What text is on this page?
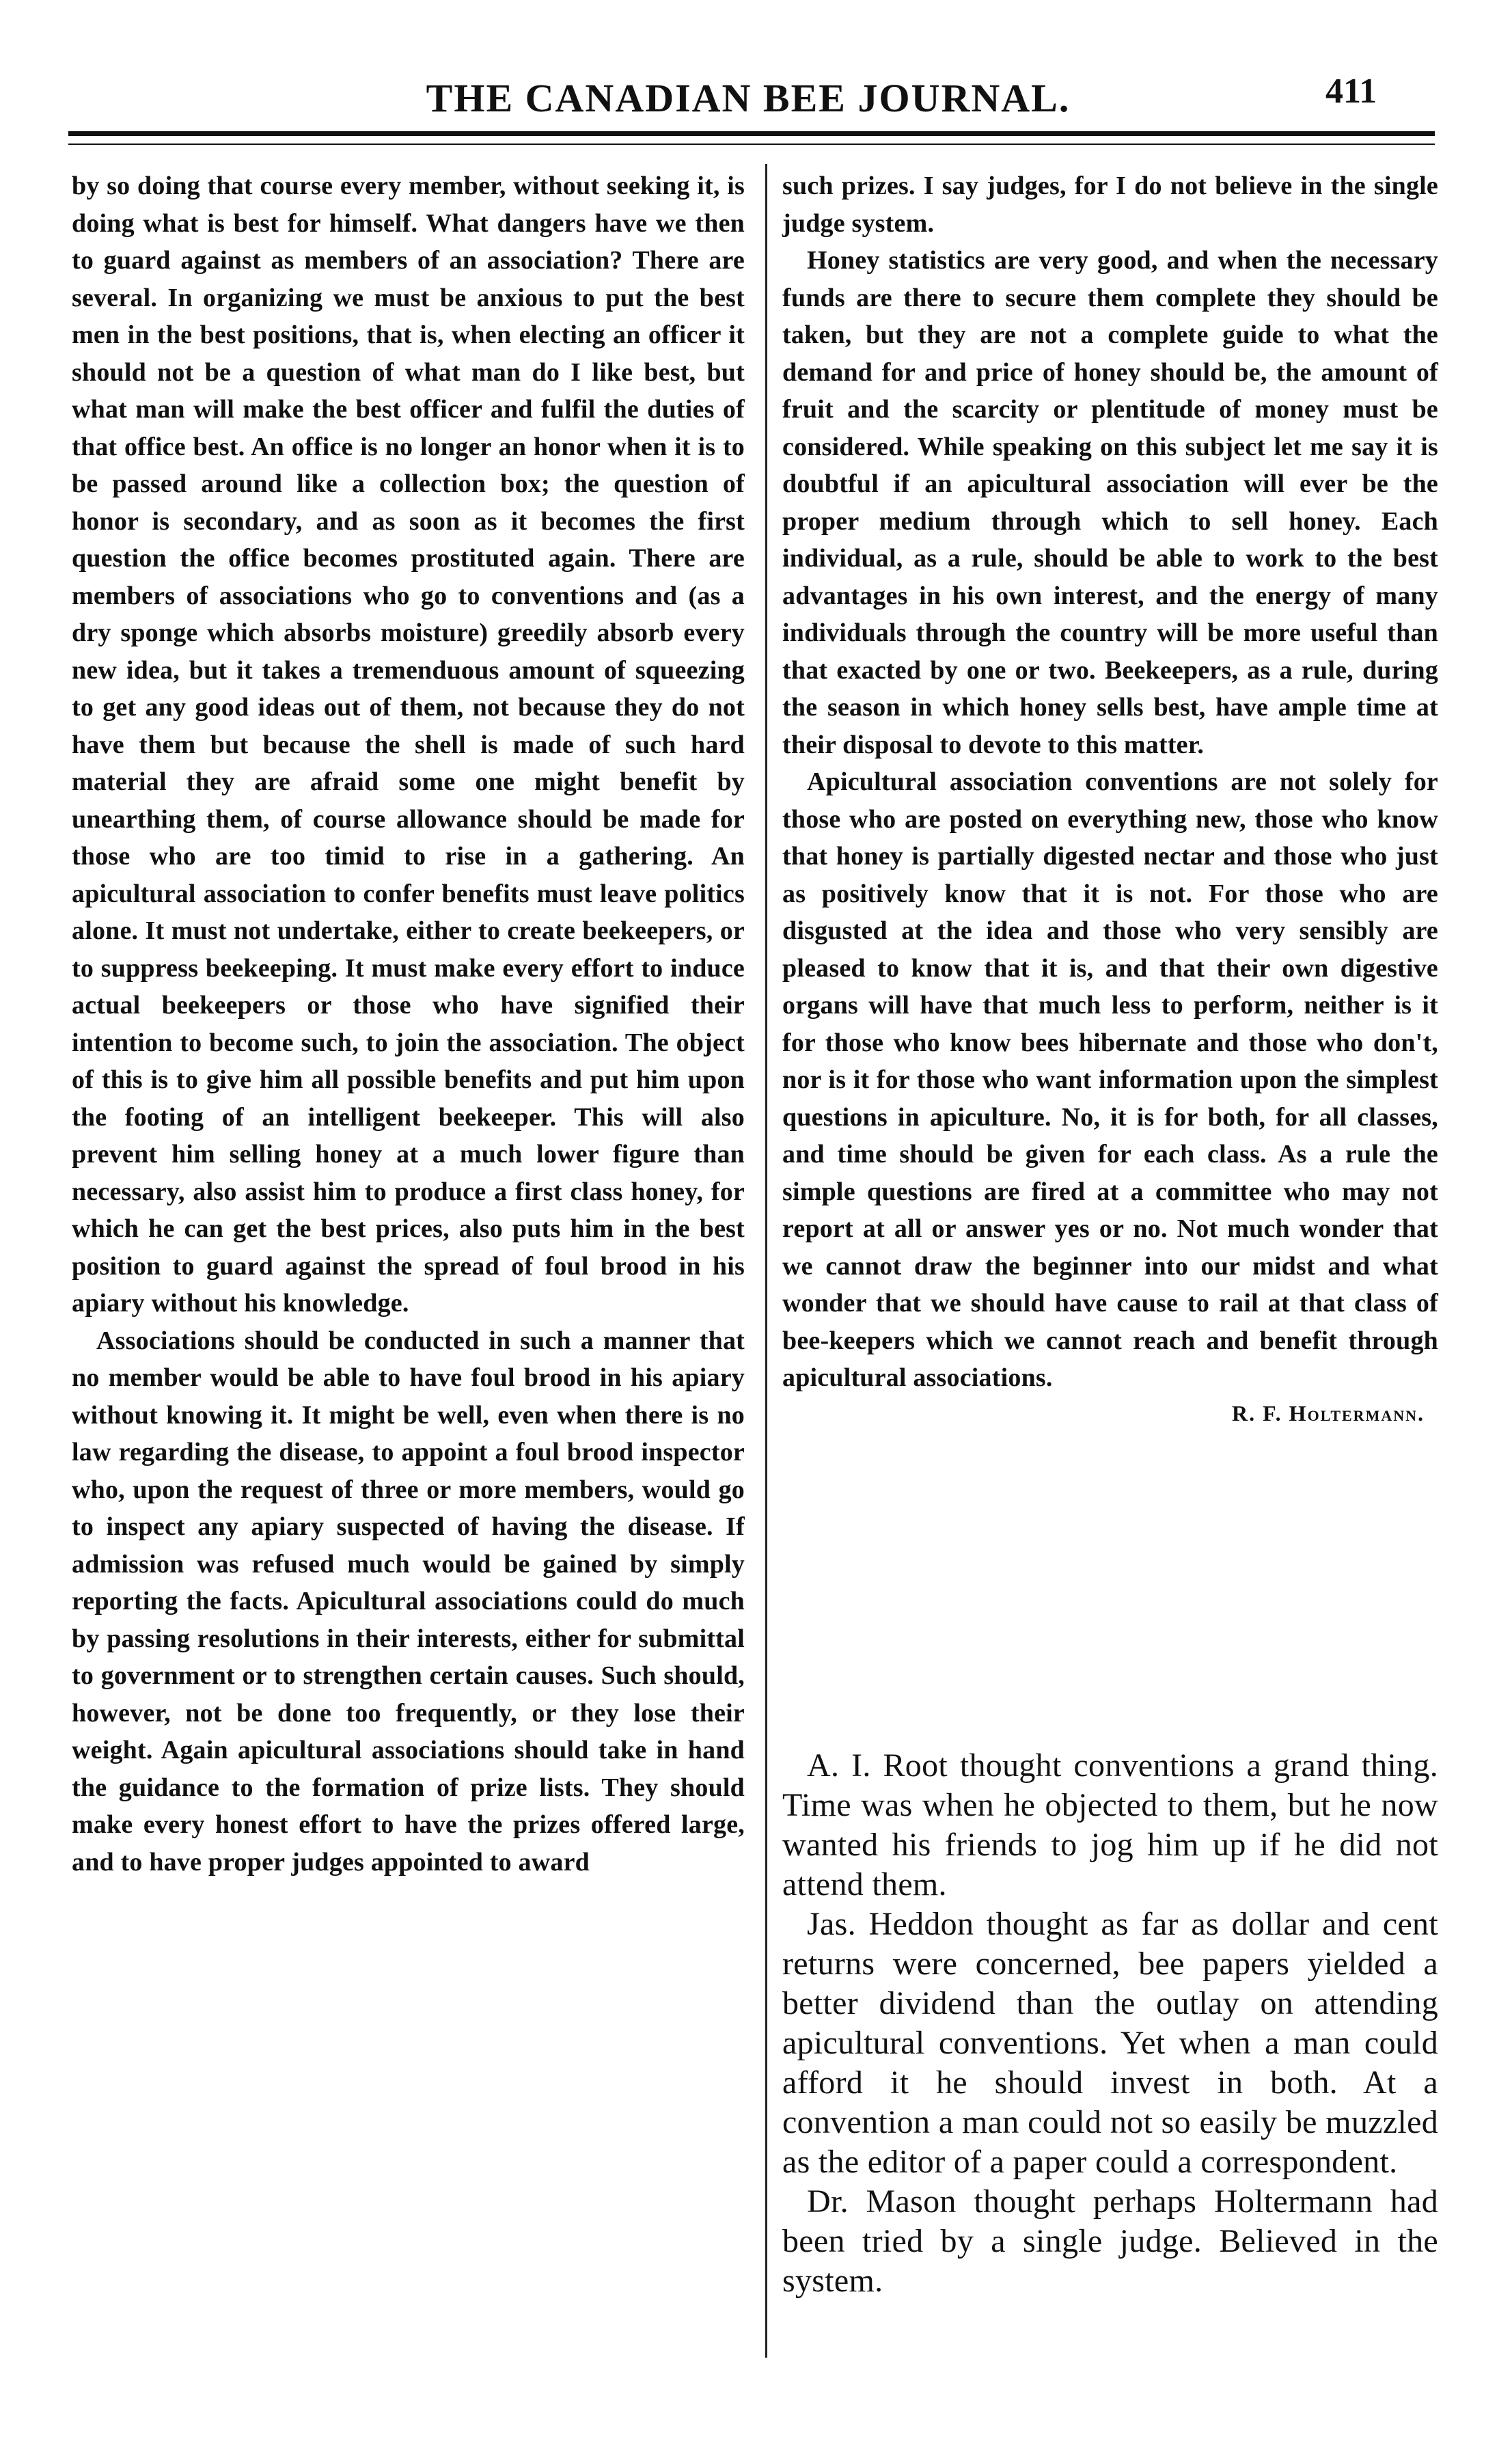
THE CANADIAN BEE JOURNAL.	411

by so doing that course every member, without seeking it, is doing what is best for himself. What dangers have we then to guard against as members of an association? There are several. In organizing we must be anxious to put the best men in the best positions, that is, when electing an officer it should not be a question of what man do I like best, but what man will make the best officer and fulfil the duties of that office best. An office is no longer an honor when it is to be passed around like a collection box; the question of honor is secondary, and as soon as it becomes the first question the office becomes prostituted again. There are members of associations who go to conventions and (as a dry sponge which absorbs moisture) greedily absorb every new idea, but it takes a tremenduous amount of squeezing to get any good ideas out of them, not because they do not have them but because the shell is made of such hard material they are afraid some one might benefit by unearthing them, of course allowance should be made for those who are too timid to rise in a gathering. An apicultural association to confer benefits must leave politics alone. It must not undertake, either to create beekeepers, or to suppress beekeeping. It must make every effort to induce actual beekeepers or those who have signified their intention to become such, to join the association. The object of this is to give him all possible benefits and put him upon the footing of an intelligent beekeeper. This will also prevent him selling honey at a much lower figure than necessary, also assist him to produce a first class honey, for which he can get the best prices, also puts him in the best position to guard against the spread of foul brood in his apiary without his knowledge.

Associations should be conducted in such a manner that no member would be able to have foul brood in his apiary without knowing it. It might be well, even when there is no law regarding the disease, to appoint a foul brood inspector who, upon the request of three or more members, would go to inspect any apiary suspected of having the disease. If admission was refused much would be gained by simply reporting the facts. Apicultural associations could do much by passing resolutions in their interests, either for submittal to government or to strengthen certain causes. Such should, however, not be done too frequently, or they lose their weight. Again apicultural associations should take in hand the guidance to the formation of prize lists. They should make every honest effort to have the prizes offered large, and to have proper judges appointed to award

such prizes. I say judges, for I do not believe in the single judge system.

Honey statistics are very good, and when the necessary funds are there to secure them complete they should be taken, but they are not a complete guide to what the demand for and price of honey should be, the amount of fruit and the scarcity or plentitude of money must be considered. While speaking on this subject let me say it is doubtful if an apicultural association will ever be the proper medium through which to sell honey. Each individual, as a rule, should be able to work to the best advantages in his own interest, and the energy of many individuals through the country will be more useful than that exacted by one or two. Beekeepers, as a rule, during the season in which honey sells best, have ample time at their disposal to devote to this matter.

Apicultural association conventions are not solely for those who are posted on everything new, those who know that honey is partially digested nectar and those who just as positively know that it is not. For those who are disgusted at the idea and those who very sensibly are pleased to know that it is, and that their own digestive organs will have that much less to perform, neither is it for those who know bees hibernate and those who don't, nor is it for those who want information upon the simplest questions in apiculture. No, it is for both, for all classes, and time should be given for each class. As a rule the simple questions are fired at a committee who may not report at all or answer yes or no. Not much wonder that we cannot draw the beginner into our midst and what wonder that we should have cause to rail at that class of bee-keepers which we cannot reach and benefit through apicultural associations.

R. F. Holtermann.

A. I. Root thought conventions a grand thing. Time was when he objected to them, but he now wanted his friends to jog him up if he did not attend them.

Jas. Heddon thought as far as dollar and cent returns were concerned, bee papers yielded a better dividend than the outlay on attending apicultural conventions. Yet when a man could afford it he should invest in both. At a convention a man could not so easily be muzzled as the editor of a paper could a correspondent.

Dr. Mason thought perhaps Holtermann had been tried by a single judge. Believed in the system.
